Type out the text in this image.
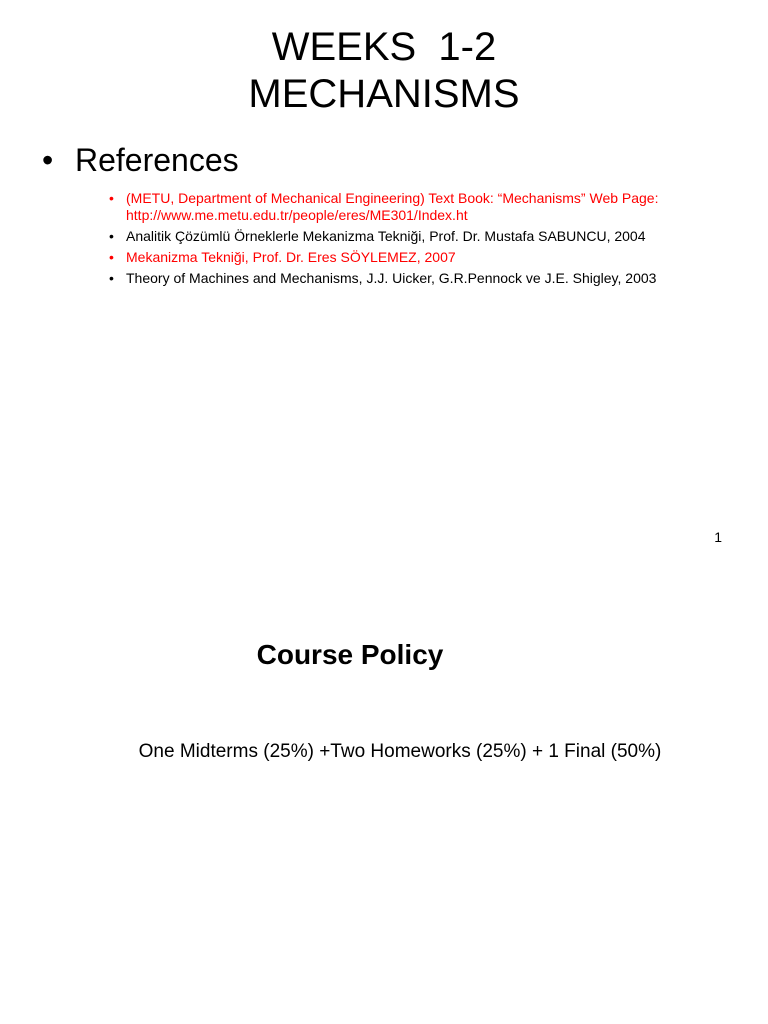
WEEKS  1-2
MECHANISMS
• References
• (METU, Department of Mechanical Engineering) Text Book: “Mechanisms” Web Page: http://www.me.metu.edu.tr/people/eres/ME301/Index.ht
• Analitik Çözümlü Örneklerle Mekanizma Tekniği, Prof. Dr. Mustafa SABUNCU, 2004
• Mekanizma Tekniği, Prof. Dr. Eres SÖYLEMEZ, 2007
• Theory of Machines and Mechanisms, J.J. Uicker, G.R.Pennock ve J.E. Shigley, 2003
1
Course Policy
One Midterms (25%) +Two Homeworks (25%) + 1 Final (50%)
